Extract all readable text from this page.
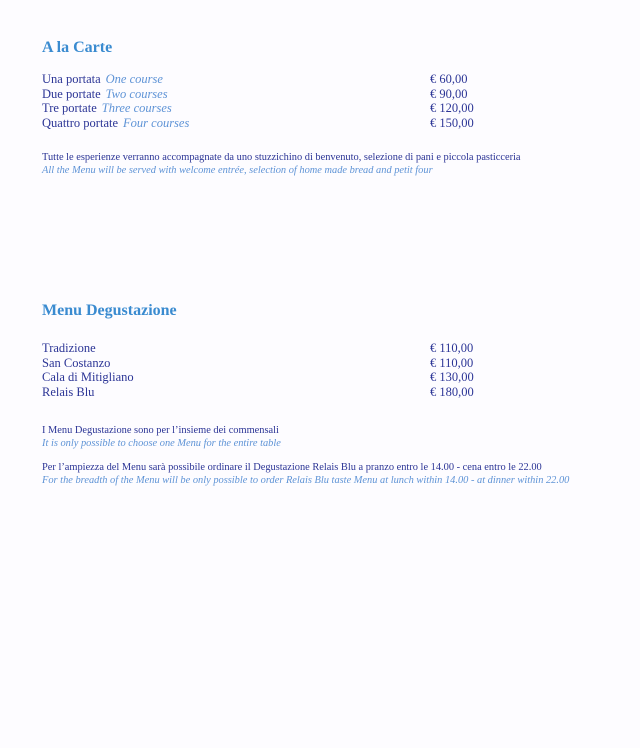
A la Carte
Una portata One course	€ 60,00
Due portate Two courses	€ 90,00
Tre portate Three courses	€ 120,00
Quattro portate Four courses	€ 150,00
Tutte le esperienze verranno accompagnate da uno stuzzichino di benvenuto, selezione di pani e piccola pasticceria
All the Menu will be served with welcome entrée, selection of home made bread and petit four
Menu Degustazione
Tradizione	€ 110,00
San Costanzo	€ 110,00
Cala di Mitigliano	€ 130,00
Relais Blu	€ 180,00
I Menu Degustazione sono per l’insieme dei commensali
It is only possible to choose one Menu for the entire table
Per l’ampiezza del Menu sarà possibile ordinare il Degustazione Relais Blu a pranzo entro le 14.00 - cena entro le 22.00
For the breadth of the Menu will be only possible to order Relais Blu taste Menu at lunch within 14.00 - at dinner within 22.00
